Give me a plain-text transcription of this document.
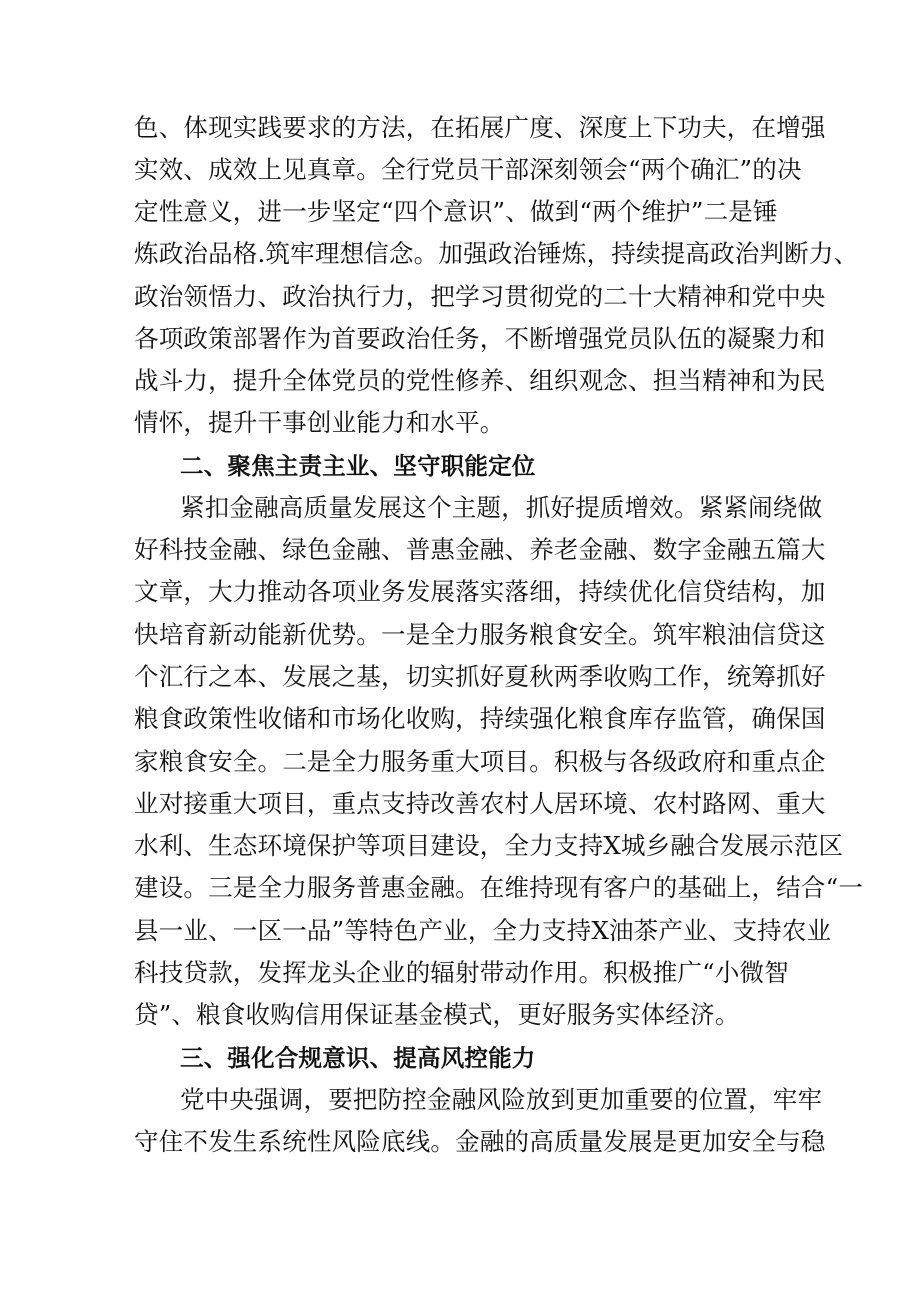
色、体现实践要求的方法，在拓展广度、深度上下功夫，在增强
实效、成效上见真章。全行党员干部深刻领会“两个确汇”的决
定性意义，进一步坚定“四个意识”、做到“两个维护”二是锤
炼政治品格.筑牢理想信念。加强政治锤炼，持续提高政治判断力、
政治领悟力、政治执行力，把学习贯彻党的二十大精神和党中央
各项政策部署作为首要政治任务，不断增强党员队伍的凝聚力和
战斗力，提升全体党员的党性修养、组织观念、担当精神和为民
情怀，提升干事创业能力和水平。
二、聚焦主责主业、坚守职能定位
紧扣金融高质量发展这个主题，抓好提质增效。紧紧闹绕做
好科技金融、绿色金融、普惠金融、养老金融、数字金融五篇大
文章，大力推动各项业务发展落实落细，持续优化信贷结构，加
快培育新动能新优势。一是全力服务粮食安全。筑牢粮油信贷这
个汇行之本、发展之基，切实抓好夏秋两季收购工作，统筹抓好
粮食政策性收储和市场化收购，持续强化粮食库存监管，确保国
家粮食安全。二是全力服务重大项目。积极与各级政府和重点企
业对接重大项目，重点支持改善农村人居环境、农村路网、重大
水利、生态环境保护等项目建设，全力支持X城乡融合发展示范区
建设。三是全力服务普惠金融。在维持现有客户的基础上，结合“一
县一业、一区一品”等特色产业，全力支持X油茶产业、支持农业
科技贷款，发挥龙头企业的辐射带动作用。积极推广“小微智
贷”、粮食收购信用保证基金模式，更好服务实体经济。
三、强化合规意识、提高风控能力
党中央强调，要把防控金融风险放到更加重要的位置，牢牢
守住不发生系统性风险底线。金融的高质量发展是更加安全与稳
